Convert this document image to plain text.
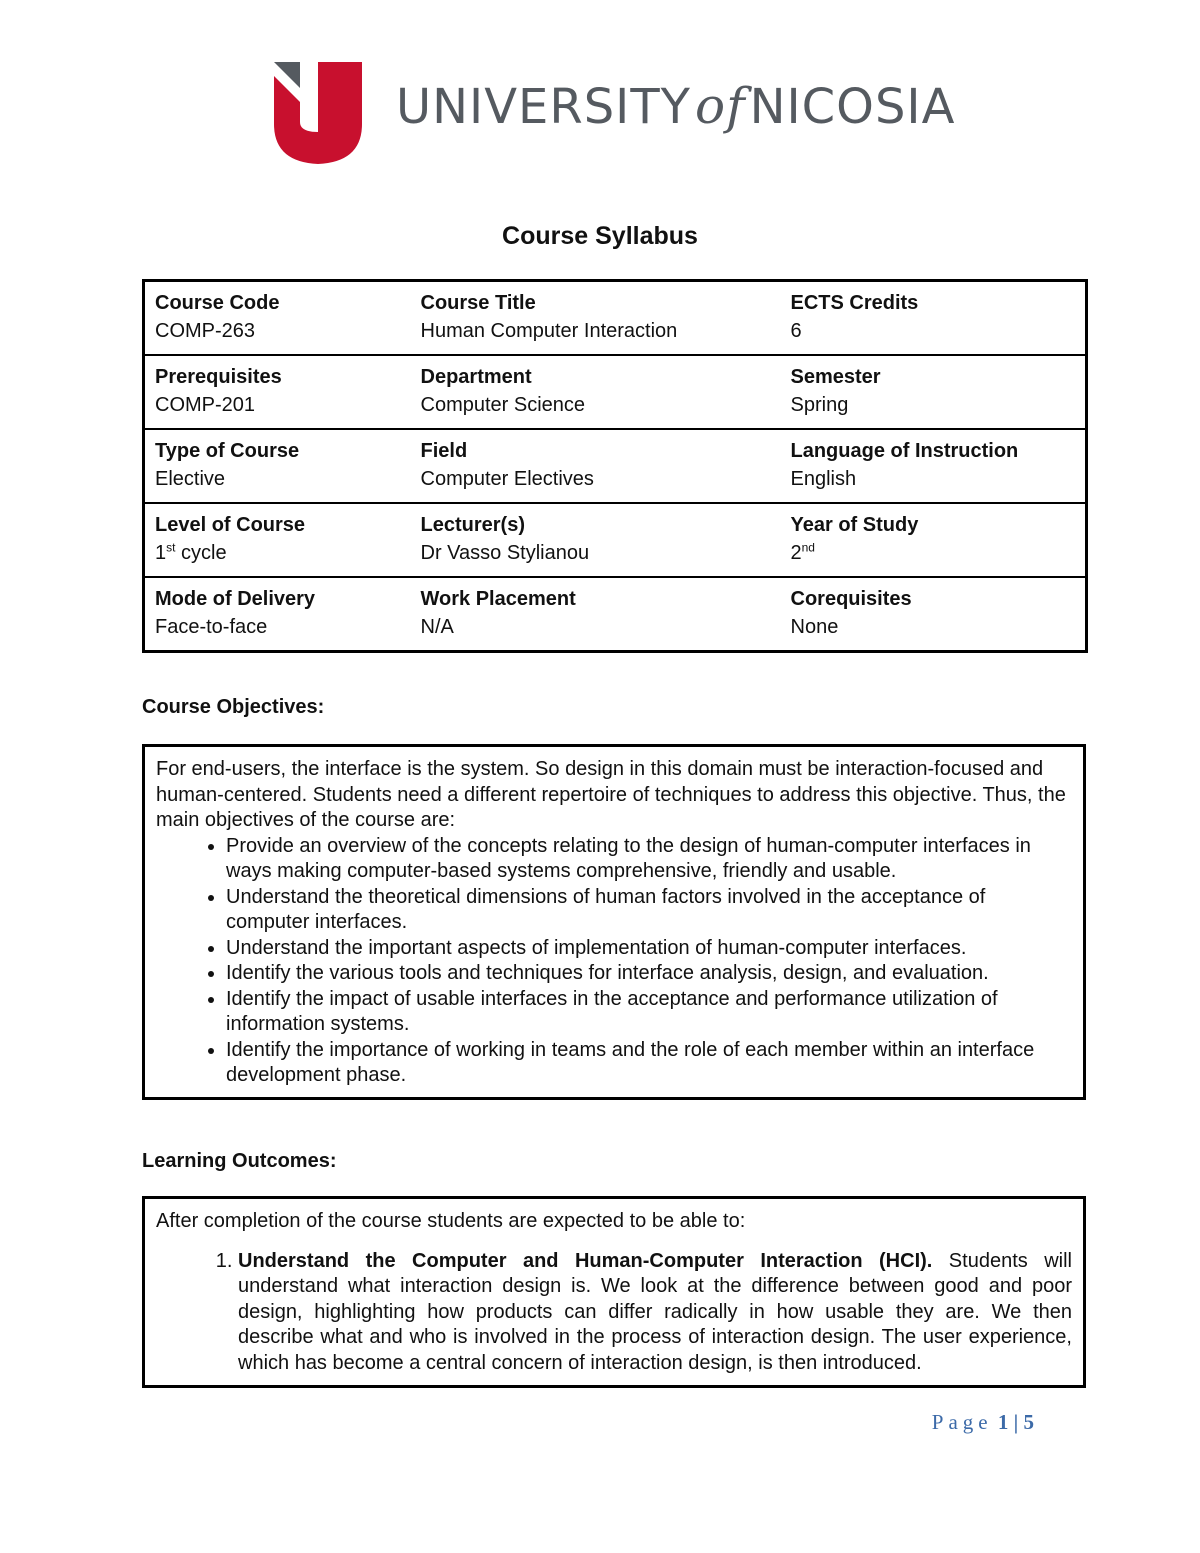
UNIVERSITYofNICOSIA
Course Syllabus
Course Code	Course Title	ECTS Credits
COMP-263	Human Computer Interaction	6
Prerequisites	Department	Semester
COMP-201	Computer Science	Spring
Type of Course	Field	Language of Instruction
Elective	Computer Electives	English
Level of Course	Lecturer(s)	Year of Study
1st cycle	Dr Vasso Stylianou	2nd
Mode of Delivery	Work Placement	Corequisites
Face-to-face	N/A	None
Course Objectives:
For end-users, the interface is the system. So design in this domain must be interaction-focused and human-centered. Students need a different repertoire of techniques to address this objective. Thus, the main objectives of the course are:
• Provide an overview of the concepts relating to the design of human-computer interfaces in ways making computer-based systems comprehensive, friendly and usable.
• Understand the theoretical dimensions of human factors involved in the acceptance of computer interfaces.
• Understand the important aspects of implementation of human-computer interfaces.
• Identify the various tools and techniques for interface analysis, design, and evaluation.
• Identify the impact of usable interfaces in the acceptance and performance utilization of information systems.
• Identify the importance of working in teams and the role of each member within an interface development phase.
Learning Outcomes:
After completion of the course students are expected to be able to:
1. Understand the Computer and Human-Computer Interaction (HCI). Students will understand what interaction design is. We look at the difference between good and poor design, highlighting how products can differ radically in how usable they are. We then describe what and who is involved in the process of interaction design. The user experience, which has become a central concern of interaction design, is then introduced.
Page 1 | 5
